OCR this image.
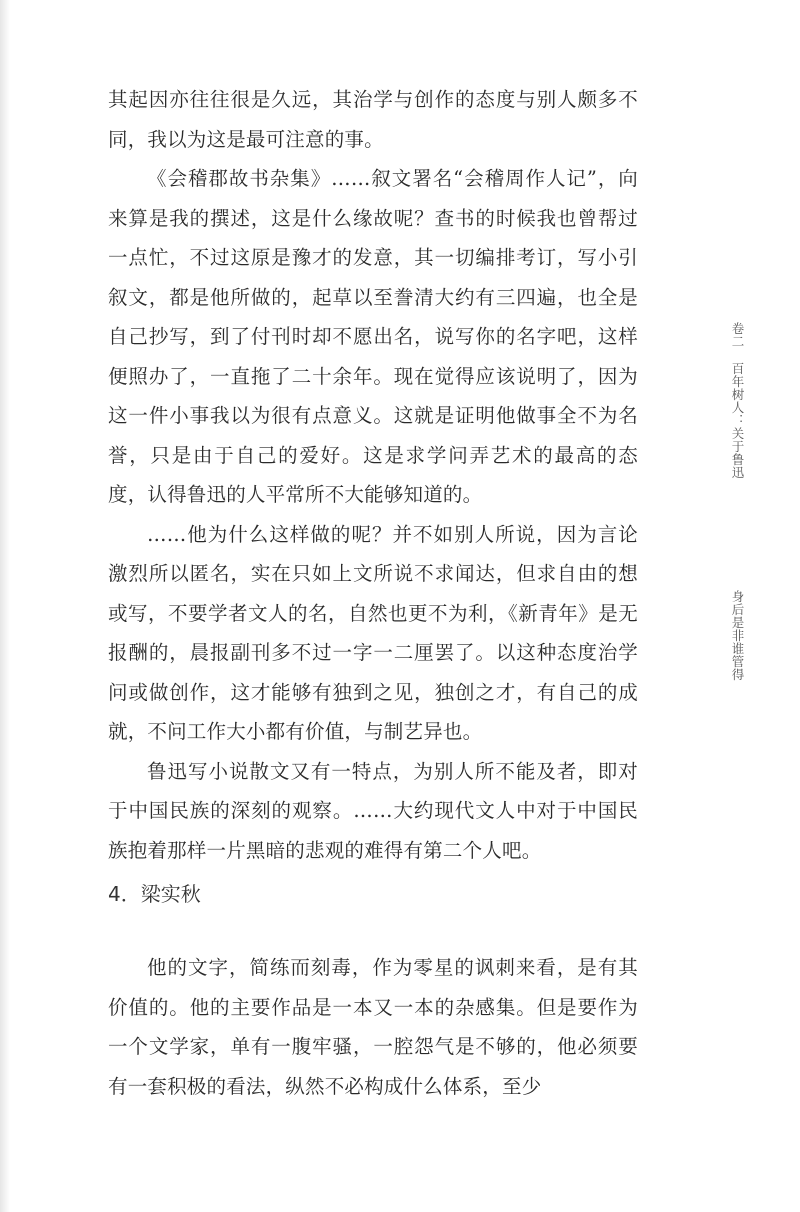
其起因亦往往很是久远，其治学与创作的态度与别人颇多不同，我以为这是最可注意的事。

《会稽郡故书杂集》……叙文署名“会稽周作人记”，向来算是我的撰述，这是什么缘故呢？查书的时候我也曾帮过一点忙，不过这原是豫才的发意，其一切编排考订，写小引叙文，都是他所做的，起草以至誊清大约有三四遍，也全是自己抄写，到了付刊时却不愿出名，说写你的名字吧，这样便照办了，一直拖了二十余年。现在觉得应该说明了，因为这一件小事我以为很有点意义。这就是证明他做事全不为名誉，只是由于自己的爱好。这是求学问弄艺术的最高的态度，认得鲁迅的人平常所不大能够知道的。

……他为什么这样做的呢？并不如别人所说，因为言论激烈所以匿名，实在只如上文所说不求闻达，但求自由的想或写，不要学者文人的名，自然也更不为利，《新青年》是无报酬的，晨报副刊多不过一字一二厘罢了。以这种态度治学问或做创作，这才能够有独到之见，独创之才，有自己的成就，不问工作大小都有价值，与制艺异也。

鲁迅写小说散文又有一特点，为别人所不能及者，即对于中国民族的深刻的观察。……大约现代文人中对于中国民族抱着那样一片黑暗的悲观的难得有第二个人吧。

4．梁实秋

他的文字，简练而刻毒，作为零星的讽刺来看，是有其价值的。他的主要作品是一本又一本的杂感集。但是要作为一个文学家，单有一腹牢骚，一腔怨气是不够的，他必须要有一套积极的看法，纵然不必构成什么体系，至少

卷二百年树人：关于鲁迅
身后是非谁管得
